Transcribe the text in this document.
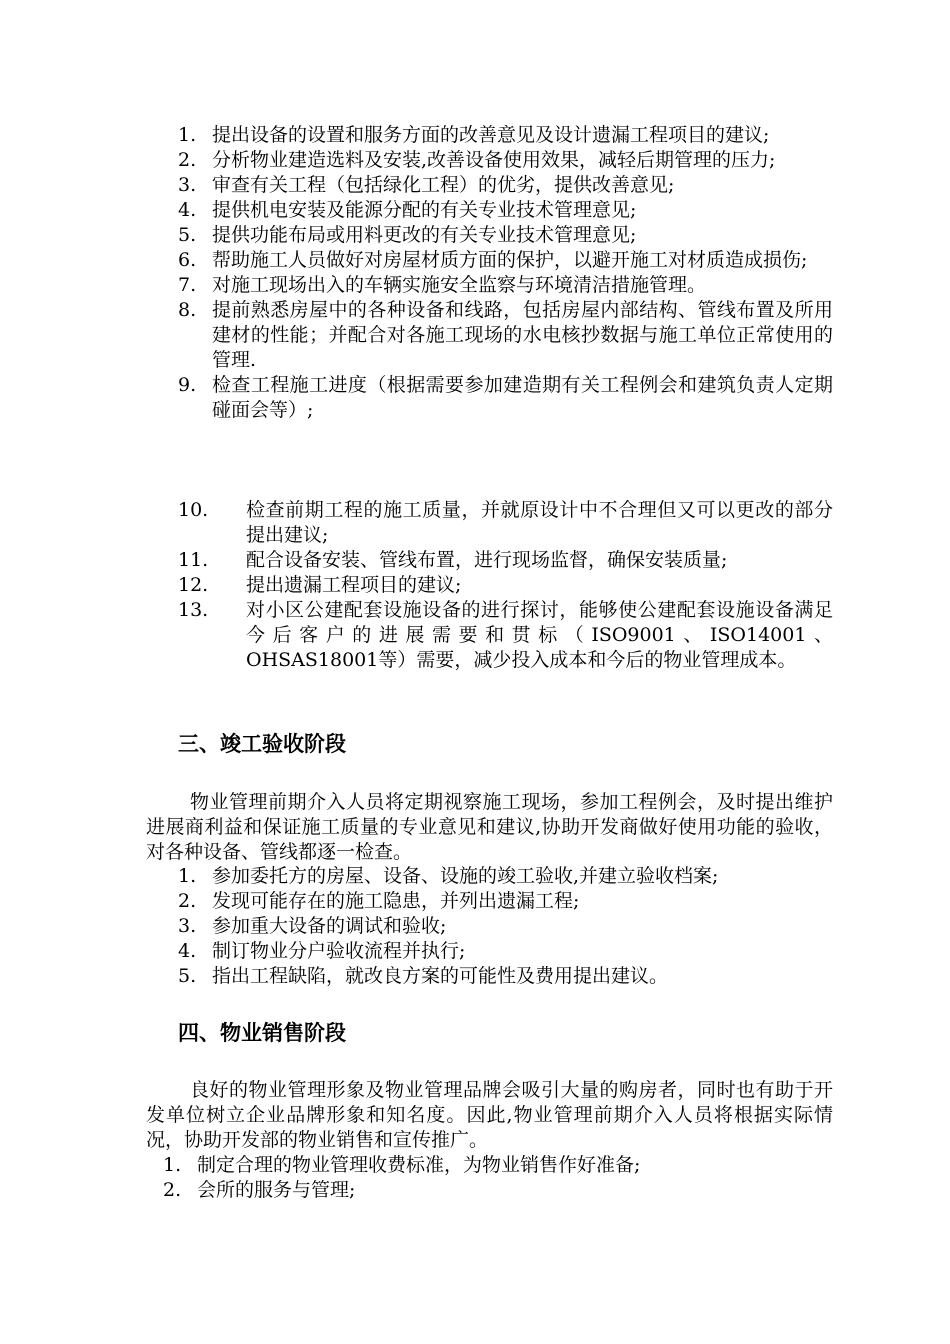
1. 提出设备的设置和服务方面的改善意见及设计遗漏工程项目的建议;
2. 分析物业建造选料及安装,改善设备使用效果，减轻后期管理的压力;
3. 审查有关工程（包括绿化工程）的优劣，提供改善意见;
4. 提供机电安装及能源分配的有关专业技术管理意见;
5. 提供功能布局或用料更改的有关专业技术管理意见;
6. 帮助施工人员做好对房屋材质方面的保护，以避开施工对材质造成损伤;
7. 对施工现场出入的车辆实施安全监察与环境清洁措施管理。
8. 提前熟悉房屋中的各种设备和线路，包括房屋内部结构、管线布置及所用建材的性能；并配合对各施工现场的水电核抄数据与施工单位正常使用的管理.
9. 检查工程施工进度（根据需要参加建造期有关工程例会和建筑负责人定期碰面会等）;
10.	检查前期工程的施工质量，并就原设计中不合理但又可以更改的部分提出建议;
11.	配合设备安装、管线布置，进行现场监督，确保安装质量;
12.	提出遗漏工程项目的建议;
13.	对小区公建配套设施设备的进行探讨，能够使公建配套设施设备满足今后客户的进展需要和贯标（ISO9001、ISO14001、OHSAS18001等）需要，减少投入成本和今后的物业管理成本。
三、竣工验收阶段

物业管理前期介入人员将定期视察施工现场，参加工程例会，及时提出维护进展商利益和保证施工质量的专业意见和建议,协助开发商做好使用功能的验收，对各种设备、管线都逐一检查。

1. 参加委托方的房屋、设备、设施的竣工验收,并建立验收档案;
2. 发现可能存在的施工隐患，并列出遗漏工程;
3. 参加重大设备的调试和验收;
4. 制订物业分户验收流程并执行;
5. 指出工程缺陷，就改良方案的可能性及费用提出建议。
四、物业销售阶段

良好的物业管理形象及物业管理品牌会吸引大量的购房者，同时也有助于开发单位树立企业品牌形象和知名度。因此,物业管理前期介入人员将根据实际情况，协助开发部的物业销售和宣传推广。

1. 制定合理的物业管理收费标准，为物业销售作好准备;
2. 会所的服务与管理;
